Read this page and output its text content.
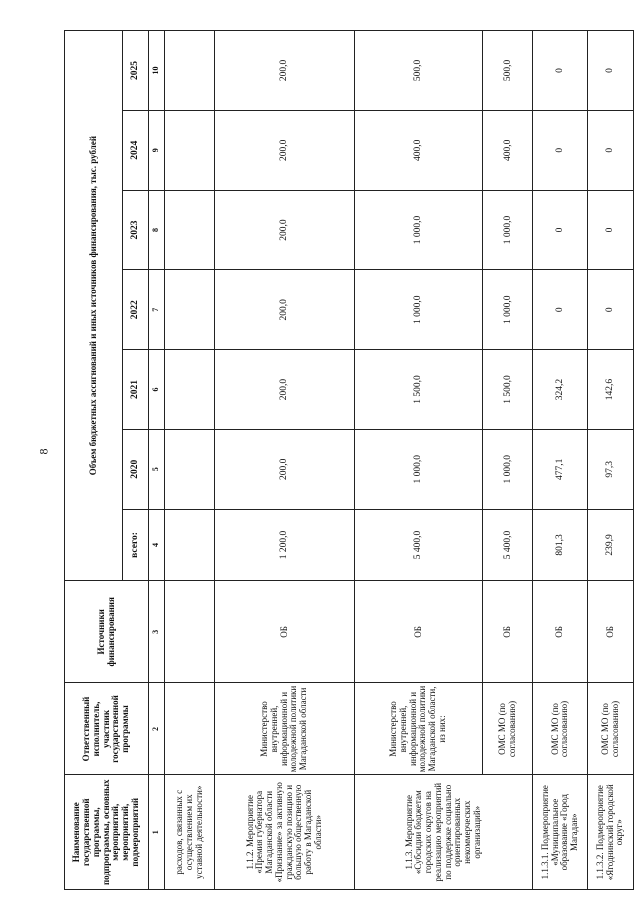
8
Наименование государственной программы, подпрограммы, основных мероприятий, мероприятий, подмероприятий	Ответственный исполнитель, участник государственной программы	Источники финансирования	Объем бюджетных ассигнований и иных источников финансирования, тыс. рублей						
			всего:	2020	2021	2022	2023	2024	2025
1	2	3	4	5	6	7	8	9	10
расходов, связанных с осуществлением их уставной деятельности»									
1.1.2. Мероприятие «Премия губернатора Магаданской области «Признание» за активную гражданскую позицию и большую общественную работу в Магаданской области»	Министерство внутренней, информационной и молодежной политики Магаданской области	ОБ	1 200,0	200,0	200,0	200,0	200,0	200,0	200,0
1.1.3. Мероприятие «Субсидии бюджетам городских округов на реализацию мероприятий по поддержке социально ориентированных некоммерческих организаций»	Министерство внутренней, информационной и молодежной политики Магаданской области, из них:	ОБ	5 400,0	1 000,0	1 500,0	1 000,0	1 000,0	400,0	500,0
	ОМС МО (по согласованию)	ОБ	5 400,0	1 000,0	1 500,0	1 000,0	1 000,0	400,0	500,0
1.1.3.1. Подмероприятие «Муниципальное образование «Город Магадан»	ОМС МО (по согласованию)	ОБ	801,3	477,1	324,2	0	0	0	0
1.1.3.2. Подмероприятие «Ягоднинский городской округ»	ОМС МО (по согласованию)	ОБ	239,9	97,3	142,6	0	0	0	0
